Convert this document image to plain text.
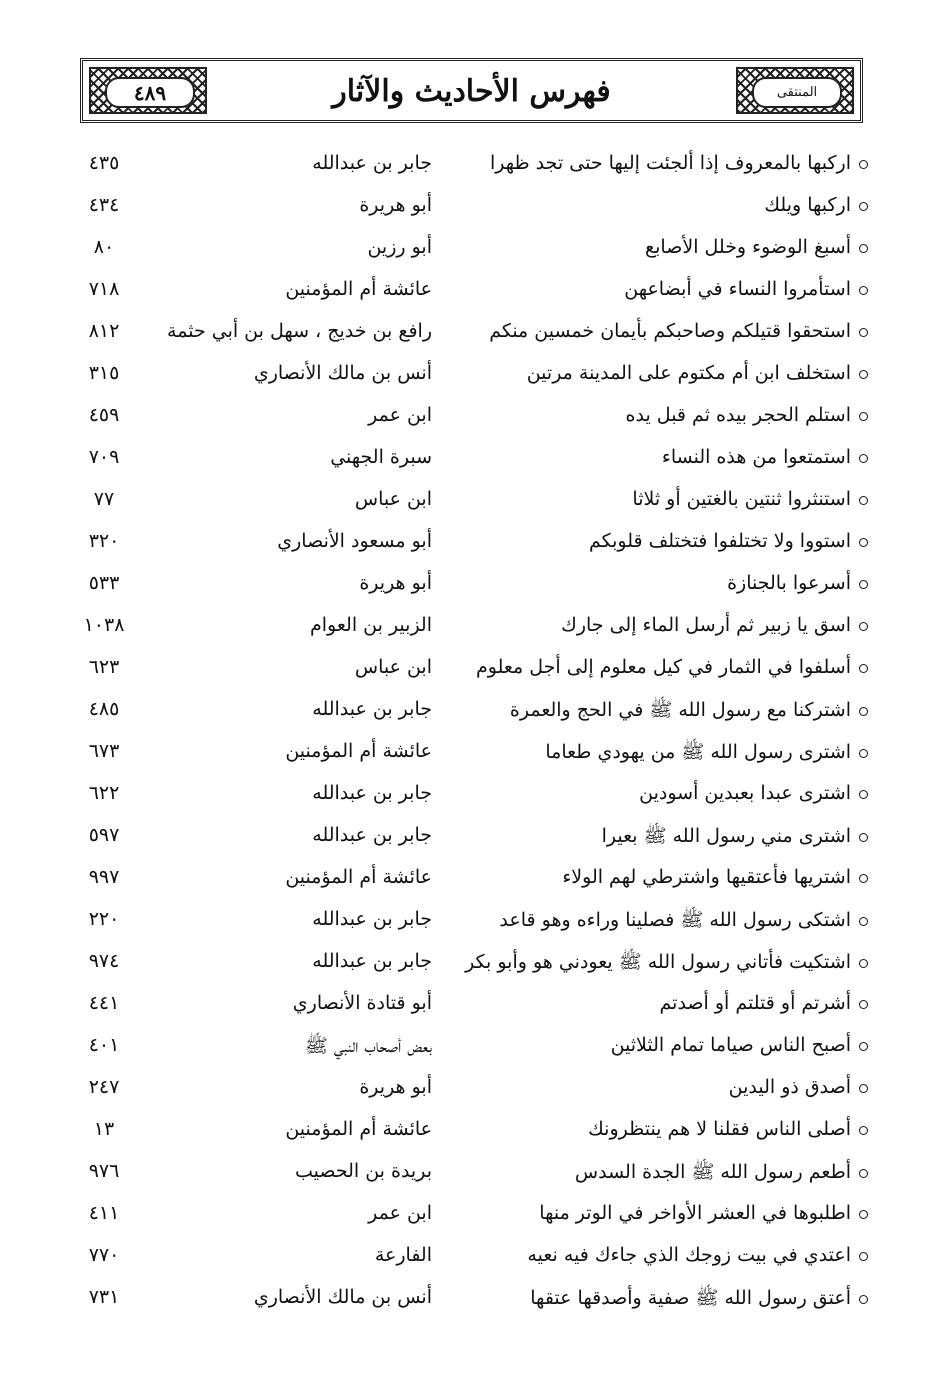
٤٨٩	فهرس الأحاديث والآثار	المنتقى
اركبها بالمعروف إذا ألجئت إليها حتى تجد ظهرا
جابر بن عبدالله
٤٣٥
اركبها ويلك
أبو هريرة
٤٣٤
أسبغ الوضوء وخلل الأصابع
أبو رزين
٨٠
استأمروا النساء في أبضاعهن
عائشة أم المؤمنين
٧١٨
استحقوا قتيلكم وصاحبكم بأيمان خمسين منكم
رافع بن خديج ، سهل بن أبي حثمة
٨١٢
استخلف ابن أم مكتوم على المدينة مرتين
أنس بن مالك الأنصاري
٣١٥
استلم الحجر بيده ثم قبل يده
ابن عمر
٤٥٩
استمتعوا من هذه النساء
سبرة الجهني
٧٠٩
استنثروا ثنتين بالغتين أو ثلاثا
ابن عباس
٧٧
استووا ولا تختلفوا فتختلف قلوبكم
أبو مسعود الأنصاري
٣٢٠
أسرعوا بالجنازة
أبو هريرة
٥٣٣
اسق يا زبير ثم أرسل الماء إلى جارك
الزبير بن العوام
١٠٣٨
أسلفوا في الثمار في كيل معلوم إلى أجل معلوم
ابن عباس
٦٢٣
اشتركنا مع رسول الله ﷺ في الحج والعمرة
جابر بن عبدالله
٤٨٥
اشترى رسول الله ﷺ من يهودي طعاما
عائشة أم المؤمنين
٦٧٣
اشترى عبدا بعبدين أسودين
جابر بن عبدالله
٦٢٢
اشترى مني رسول الله ﷺ بعيرا
جابر بن عبدالله
٥٩٧
اشتريها فأعتقيها واشترطي لهم الولاء
عائشة أم المؤمنين
٩٩٧
اشتكى رسول الله ﷺ فصلينا وراءه وهو قاعد
جابر بن عبدالله
٢٢٠
اشتكيت فأتاني رسول الله ﷺ يعودني هو وأبو بكر
جابر بن عبدالله
٩٧٤
أشرتم أو قتلتم أو أصدتم
أبو قتادة الأنصاري
٤٤١
أصبح الناس صياما تمام الثلاثين
بعض أصحاب النبي ﷺ
٤٠١
أصدق ذو اليدين
أبو هريرة
٢٤٧
أصلى الناس فقلنا لا هم ينتظرونك
عائشة أم المؤمنين
١٣
أطعم رسول الله ﷺ الجدة السدس
بريدة بن الحصيب
٩٧٦
اطلبوها في العشر الأواخر في الوتر منها
ابن عمر
٤١١
اعتدي في بيت زوجك الذي جاءك فيه نعيه
الفارعة
٧٧٠
أعتق رسول الله ﷺ صفية وأصدقها عتقها
أنس بن مالك الأنصاري
٧٣١
